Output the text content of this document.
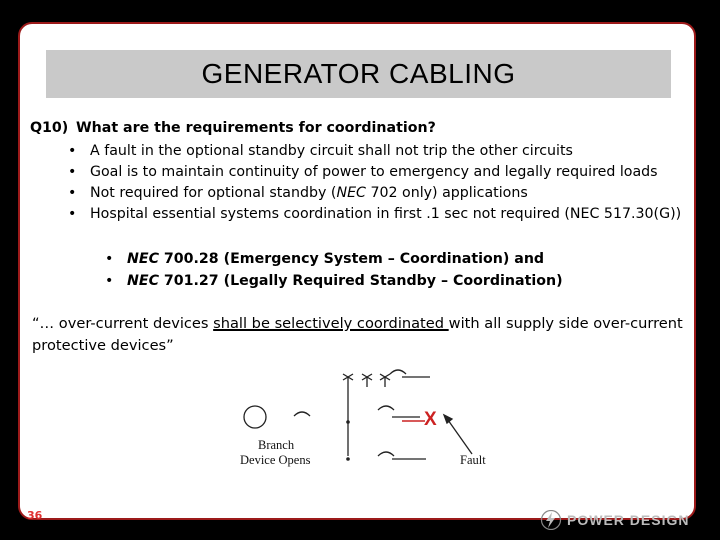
GENERATOR CABLING
Q10) What are the requirements for coordination?
• A fault in the optional standby circuit shall not trip the other circuits
• Goal is to maintain continuity of power to emergency and legally required loads
• Not required for optional standby (NEC 702 only) applications
• Hospital essential systems coordination in first .1 sec not required (NEC 517.30(G))
• NEC 700.28 (Emergency System – Coordination) and
• NEC 701.27 (Legally Required Standby – Coordination)
“… over-current devices shall be selectively coordinated with all supply side over-current protective devices”
X
Branch
Device Opens	Fault
36	POWER DESIGN
